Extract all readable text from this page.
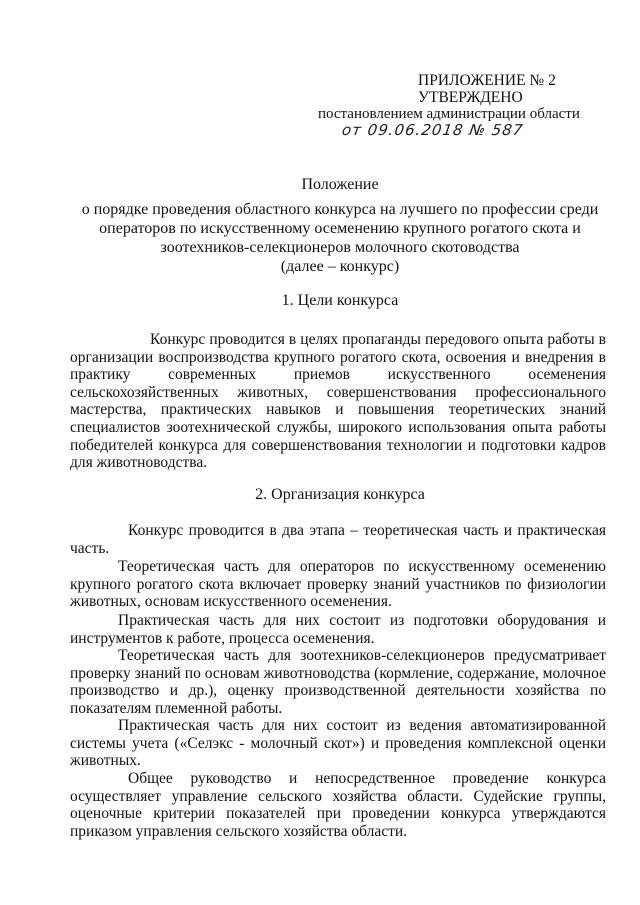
ПРИЛОЖЕНИЕ № 2
УТВЕРЖДЕНО
постановлением администрации области
от 09.06.2018 № 587
Положение
о порядке проведения областного конкурса на лучшего по профессии среди
операторов по искусственному осеменению крупного рогатого скота и
зоотехников-селекционеров молочного скотоводства
(далее – конкурс)
1. Цели конкурса
Конкурс проводится в целях пропаганды передового опыта работы в организации воспроизводства крупного рогатого скота, освоения и внедрения в практику современных приемов искусственного осеменения сельскохозяйственных животных, совершенствования профессионального мастерства, практических навыков и повышения теоретических знаний специалистов зоотехнической службы, широкого использования опыта работы победителей конкурса для совершенствования технологии и подготовки кадров для животноводства.
2. Организация конкурса
Конкурс проводится в два этапа – теоретическая часть и практическая часть.
Теоретическая часть для операторов по искусственному осеменению крупного рогатого скота включает проверку знаний участников по физиологии животных, основам искусственного осеменения.
Практическая часть для них состоит из подготовки оборудования и инструментов к работе, процесса осеменения.
Теоретическая часть для зоотехников-селекционеров предусматривает проверку знаний по основам животноводства (кормление, содержание, молочное производство и др.), оценку производственной деятельности хозяйства по показателям племенной работы.
Практическая часть для них состоит из ведения автоматизированной системы учета («Селэкс - молочный скот») и проведения комплексной оценки животных.
Общее руководство и непосредственное проведение конкурса осуществляет управление сельского хозяйства области. Судейские группы, оценочные критерии показателей при проведении конкурса утверждаются приказом управления сельского хозяйства области.
